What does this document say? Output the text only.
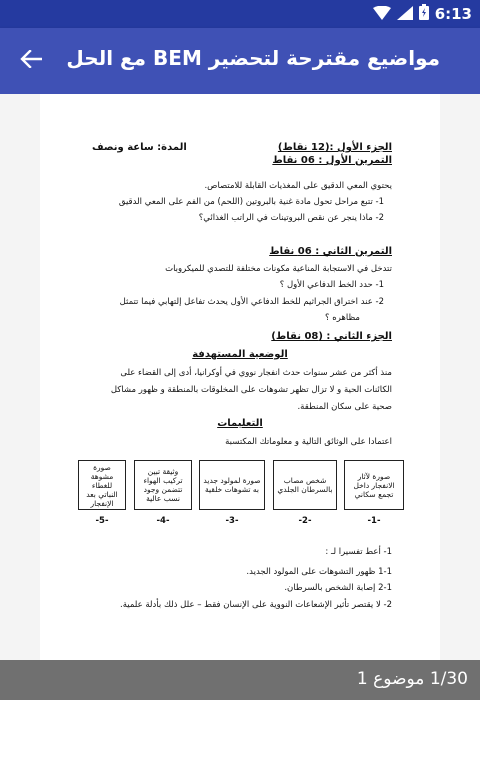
6:13
مواضيع مقترحة لتحضير BEM مع الحل
الجزء الأول :(12 نقاط)
المدة: ساعة ونصف
التمرين الأول : 06 نقاط
يحتوي المعي الدقيق على المغذيات القابلة للامتصاص.
1- تتبع مراحل تحول مادة غنية بالبروتين (اللحم) من الفم على المعي الدقيق
2- ماذا ينجر عن نقص البروتينات في الراتب الغذائي؟
التمرين الثاني : 06 نقاط
تتدخل في الاستجابة المناعية مكونات مختلفة للتصدي للميكروبات
1- حدد الخط الدفاعي الأول ؟
2- عند اختراق الجراثيم للخط الدفاعي الأول يحدث تفاعل إلتهابي فيما تتمثل
مظاهره ؟
الجزء الثاني : (08 نقاط)
الوضعية المستهدفة
منذ أكثر من عشر سنوات حدث انفجار نووي في أوكرانيا، أدى إلى القضاء على
الكائنات الحية و لا تزال تظهر تشوهات على المخلوقات بالمنطقة و ظهور مشاكل
صحية على سكان المنطقة.
التعليمات
اعتمادا على الوثائق التالية و معلوماتك المكتسبة
صورة لآثار الانفجار داخل تجمع سكاني
-1-
شخص مصاب بالسرطان الجلدي
-2-
صورة لمولود جديد به تشوهات خلقية
-3-
وثيقة تبين تركيب الهواء تتضمن وجود نسب عالية
-4-
صورة مشوهة للغطاء النباتي بعد الإنفجار
-5-
1- أعط تفسيرا لـ :
1-1 ظهور التشوهات على المولود الجديد.
2-1 إصابة الشخص بالسرطان.
2- لا يقتصر تأثير الإشعاعات النووية على الإنسان فقط – علل ذلك بأدلة علمية.
1/30 موضوع 1
